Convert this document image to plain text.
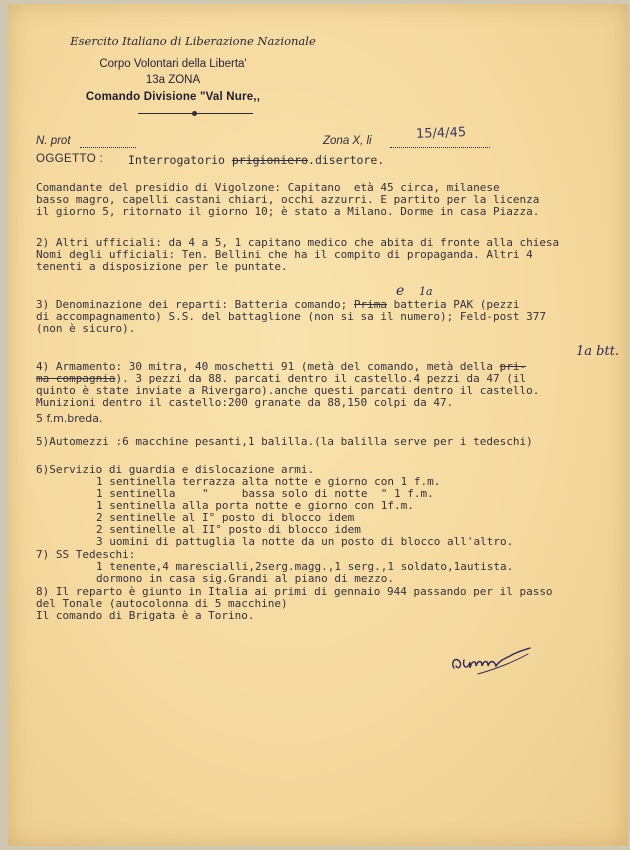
Esercito Italiano di Liberazione Nazionale
Corpo Volontari della Liberta'
13a ZONA
Comando Divisione "Val Nure,,
N. prot	Zona X, li	15/4/45
OGGETTO : Interrogatorio prigioniero.disertore.
Comandante del presidio di Vigolzone: Capitano  età 45 circa, milanese
basso magro, capelli castani chiari, occhi azzurri. E partito per la licenza
il giorno 5, ritornato il giorno 10; è stato a Milano. Dorme in casa Piazza.
2) Altri ufficiali: da 4 a 5, 1 capitano medico che abita di fronte alla chiesa
Nomi degli ufficiali: Ten. Bellini che ha il compito di propaganda. Altri 4
tenenti a disposizione per le puntate.
e 1a
3) Denominazione dei reparti: Batteria comando; Prima batteria PAK (pezzi
di accompagnamento) S.S. del battaglione (non si sa il numero); Feld-post 377
(non è sicuro).
1a btt.
4) Armamento: 30 mitra, 40 moschetti 91 (metà del comando, metà della pri-
ma compagnia). 3 pezzi da 88. parcati dentro il castello.4 pezzi da 47 (il
quinto è state inviate a Rivergaro).anche questi parcati dentro il castello.
Munizioni dentro il castello:200 granate da 88,150 colpi da 47.
5 f.m.breda.
5)Automezzi :6 macchine pesanti,1 balilla.(la balilla serve per i tedeschi)
6)Servizio di guardia e dislocazione armi.
1 sentinella terrazza alta notte e giorno con 1 f.m.
1 sentinella    "     bassa solo di notte  " 1 f.m.
1 sentinella alla porta notte e giorno con 1f.m.
2 sentinelle al I° posto di blocco idem
2 sentinelle al II° posto di blocco idem
3 uomini di pattuglia la notte da un posto di blocco all'altro.
7) SS Tedeschi:
1 tenente,4 marescialli,2serg.magg.,1 serg.,1 soldato,1autista.
dormono in casa sig.Grandi al piano di mezzo.
8) Il reparto è giunto in Italia ai primi di gennaio 944 passando per il passo
del Tonale (autocolonna di 5 macchine)
Il comando di Brigata è a Torino.
